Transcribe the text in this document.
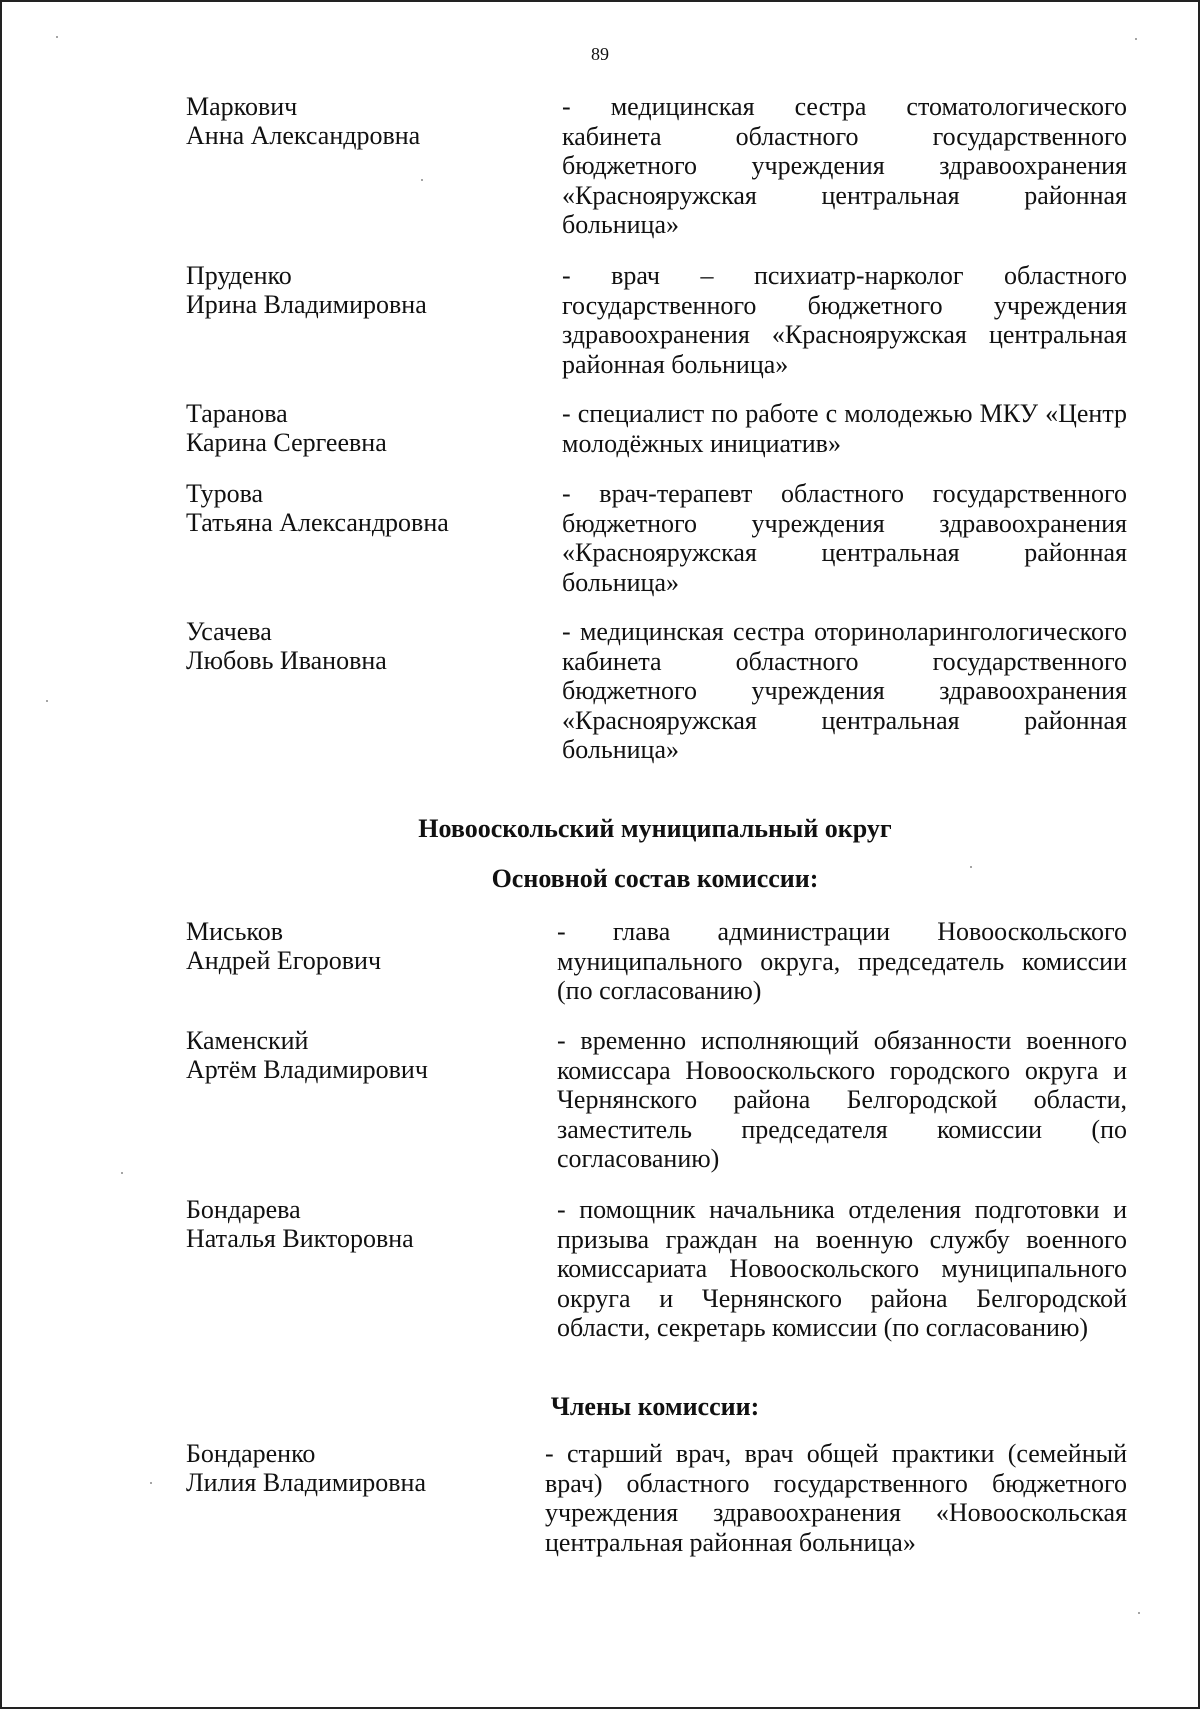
89
Маркович
Анна Александровна
- медицинская сестра стоматологического кабинета областного государственного бюджетного учреждения здравоохранения «Краснояружская центральная районная больница»
Пруденко
Ирина Владимировна
- врач – психиатр-нарколог областного государственного бюджетного учреждения здравоохранения «Краснояружская центральная районная больница»
Таранова
Карина Сергеевна
- специалист по работе с молодежью МКУ «Центр молодёжных инициатив»
Турова
Татьяна Александровна
- врач-терапевт областного государственного бюджетного учреждения здравоохранения «Краснояружская центральная районная больница»
Усачева
Любовь Ивановна
- медицинская сестра оториноларингологического кабинета областного государственного бюджетного учреждения здравоохранения «Краснояружская центральная районная больница»
Новооскольский муниципальный округ
Основной состав комиссии:
Миськов
Андрей Егорович
- глава администрации Новооскольского муниципального округа, председатель комиссии (по согласованию)
Каменский
Артём Владимирович
- временно исполняющий обязанности военного комиссара Новооскольского городского округа и Чернянского района Белгородской области, заместитель председателя комиссии (по согласованию)
Бондарева
Наталья Викторовна
- помощник начальника отделения подготовки и призыва граждан на военную службу военного комиссариата Новооскольского муниципального округа и Чернянского района Белгородской области, секретарь комиссии (по согласованию)
Члены комиссии:
Бондаренко
Лилия Владимировна
- старший врач, врач общей практики (семейный врач) областного государственного бюджетного учреждения здравоохранения «Новооскольская центральная районная больница»
